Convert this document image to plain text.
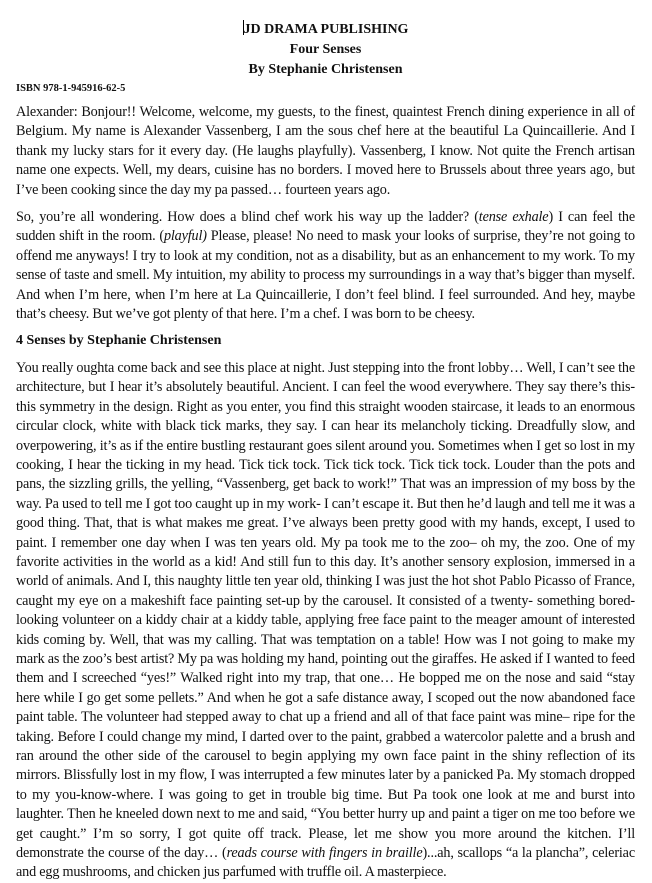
JD DRAMA PUBLISHING
Four Senses
By Stephanie Christensen
ISBN 978-1-945916-62-5

Alexander: Bonjour!! Welcome, welcome, my guests, to the finest, quaintest French dining experience in all of Belgium. My name is Alexander Vassenberg, I am the sous chef here at the beautiful La Quincaillerie. And I thank my lucky stars for it every day. (He laughs playfully). Vassenberg, I know. Not quite the French artisan name one expects. Well, my dears, cuisine has no borders. I moved here to Brussels about three years ago, but I’ve been cooking since the day my pa passed… fourteen years ago.

So, you’re all wondering. How does a blind chef work his way up the ladder? (tense exhale) I can feel the sudden shift in the room. (playful) Please, please! No need to mask your looks of surprise, they’re not going to offend me anyways! I try to look at my condition, not as a disability, but as an enhancement to my work. To my sense of taste and smell. My intuition, my ability to process my surroundings in a way that’s bigger than myself. And when I’m here, when I’m here at La Quincaillerie, I don’t feel blind. I feel surrounded. And hey, maybe that’s cheesy. But we’ve got plenty of that here. I’m a chef. I was born to be cheesy.

4 Senses by Stephanie Christensen

You really oughta come back and see this place at night. Just stepping into the front lobby… Well, I can’t see the architecture, but I hear it’s absolutely beautiful. Ancient. I can feel the wood everywhere. They say there’s this-this symmetry in the design. Right as you enter, you find this straight wooden staircase, it leads to an enormous circular clock, white with black tick marks, they say. I can hear its melancholy ticking. Dreadfully slow, and overpowering, it’s as if the entire bustling restaurant goes silent around you. Sometimes when I get so lost in my cooking, I hear the ticking in my head. Tick tick tock. Tick tick tock. Tick tick tock. Louder than the pots and pans, the sizzling grills, the yelling, “Vassenberg, get back to work!” That was an impression of my boss by the way. Pa used to tell me I got too caught up in my work- I can’t escape it. But then he’d laugh and tell me it was a good thing. That, that is what makes me great. I’ve always been pretty good with my hands, except, I used to paint. I remember one day when I was ten years old. My pa took me to the zoo– oh my, the zoo. One of my favorite activities in the world as a kid! And still fun to this day. It’s another sensory explosion, immersed in a world of animals. And I, this naughty little ten year old, thinking I was just the hot shot Pablo Picasso of France, caught my eye on a makeshift face painting set-up by the carousel. It consisted of a twenty- something bored-looking volunteer on a kiddy chair at a kiddy table, applying free face paint to the meager amount of interested kids coming by. Well, that was my calling. That was temptation on a table! How was I not going to make my mark as the zoo’s best artist? My pa was holding my hand, pointing out the giraffes. He asked if I wanted to feed them and I screeched “yes!” Walked right into my trap, that one… He bopped me on the nose and said “stay here while I go get some pellets.” And when he got a safe distance away, I scoped out the now abandoned face paint table. The volunteer had stepped away to chat up a friend and all of that face paint was mine– ripe for the taking. Before I could change my mind, I darted over to the paint, grabbed a watercolor palette and a brush and ran around the other side of the carousel to begin applying my own face paint in the shiny reflection of its mirrors. Blissfully lost in my flow, I was interrupted a few minutes later by a panicked Pa. My stomach dropped to my you-know-where. I was going to get in trouble big time. But Pa took one look at me and burst into laughter. Then he kneeled down next to me and said, “You better hurry up and paint a tiger on me too before we get caught.” I’m so sorry, I got quite off track. Please, let me show you more around the kitchen. I’ll demonstrate the course of the day… (reads course with fingers in braille)...ah, scallops “a la plancha”, celeriac and egg mushrooms, and chicken jus parfumed with truffle oil. A masterpiece.
